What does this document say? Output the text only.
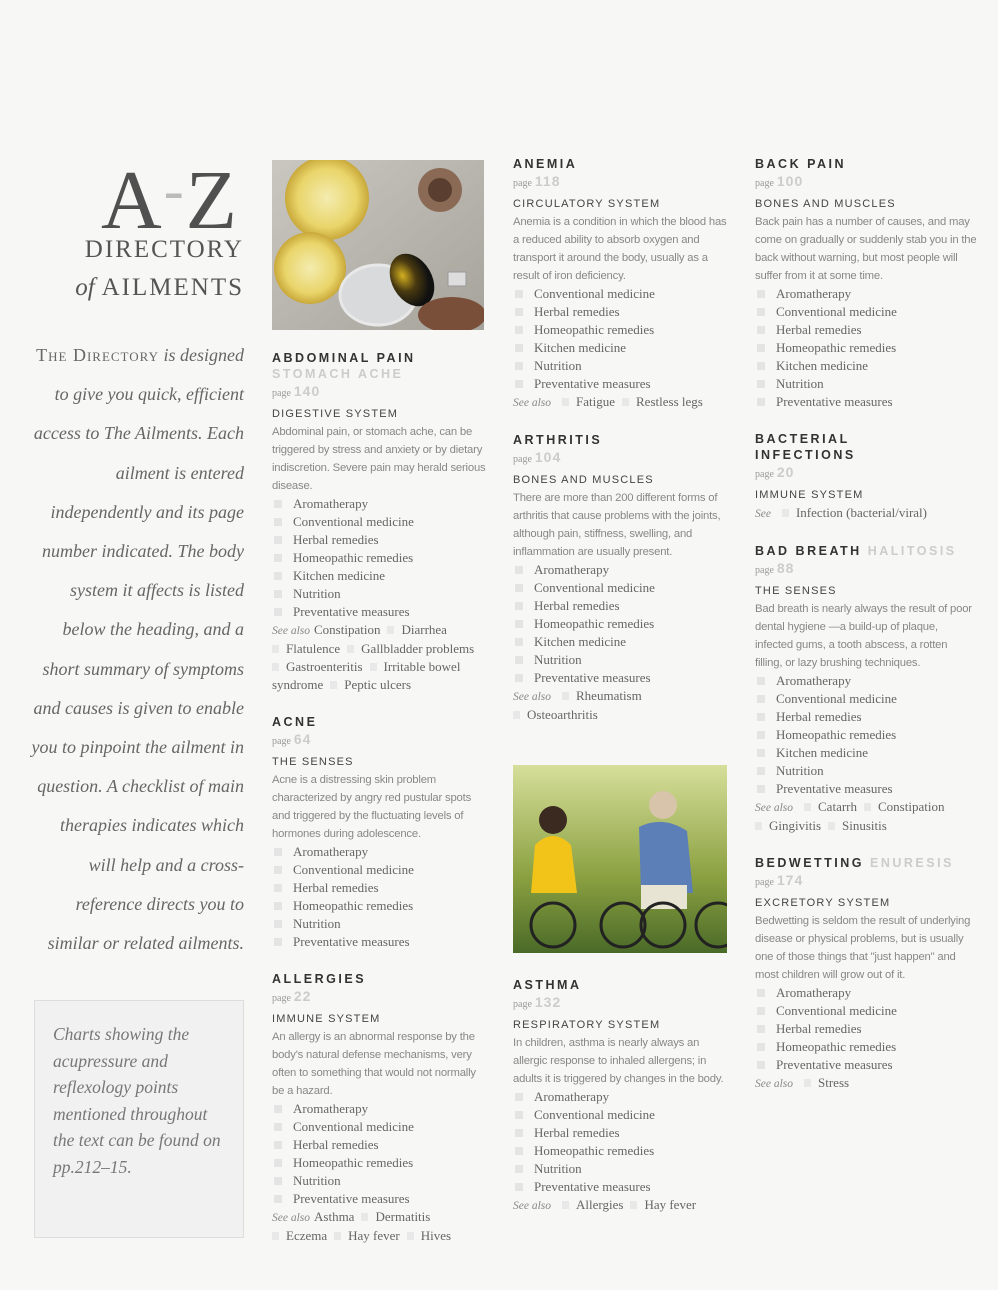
A-Z
DIRECTORY
of AILMENTS
The Directory is designed to give you quick, efficient access to The Ailments. Each ailment is entered independently and its page number indicated. The body system it affects is listed below the heading, and a short summary of symptoms and causes is given to enable you to pinpoint the ailment in question. A checklist of main therapies indicates which will help and a cross-reference directs you to similar or related ailments.

Charts showing the acupressure and reflexology points mentioned throughout the text can be found on pp.212–15.

ABDOMINAL PAIN
STOMACH ACHE
page 140
DIGESTIVE SYSTEM
Abdominal pain, or stomach ache, can be triggered by stress and anxiety or by dietary indiscretion. Severe pain may herald serious disease.
Aromatherapy
Conventional medicine
Herbal remedies
Homeopathic remedies
Kitchen medicine
Nutrition
Preventative measures
See also Constipation Diarrhea
Flatulence Gallbladder problems
Gastroenteritis Irritable bowel syndrome Peptic ulcers
ACNE
page 64
THE SENSES
Acne is a distressing skin problem characterized by angry red pustular spots and triggered by the fluctuating levels of hormones during adolescence.
Aromatherapy
Conventional medicine
Herbal remedies
Homeopathic remedies
Nutrition
Preventative measures
ALLERGIES
page 22
IMMUNE SYSTEM
An allergy is an abnormal response by the body's natural defense mechanisms, very often to something that would not normally be a hazard.
Aromatherapy
Conventional medicine
Herbal remedies
Homeopathic remedies
Nutrition
Preventative measures
See also Asthma Dermatitis
Eczema Hay fever Hives
ANEMIA
page 118
CIRCULATORY SYSTEM
Anemia is a condition in which the blood has a reduced ability to absorb oxygen and transport it around the body, usually as a result of iron deficiency.
Conventional medicine
Herbal remedies
Homeopathic remedies
Kitchen medicine
Nutrition
Preventative measures
See also Fatigue Restless legs
ARTHRITIS
page 104
BONES AND MUSCLES
There are more than 200 different forms of arthritis that cause problems with the joints, although pain, stiffness, swelling, and inflammation are usually present.
Aromatherapy
Conventional medicine
Herbal remedies
Homeopathic remedies
Kitchen medicine
Nutrition
Preventative measures
See also Rheumatism
Osteoarthritis
ASTHMA
page 132
RESPIRATORY SYSTEM
In children, asthma is nearly always an allergic response to inhaled allergens; in adults it is triggered by changes in the body.
Aromatherapy
Conventional medicine
Herbal remedies
Homeopathic remedies
Nutrition
Preventative measures
See also Allergies Hay fever
BACK PAIN
page 100
BONES AND MUSCLES
Back pain has a number of causes, and may come on gradually or suddenly stab you in the back without warning, but most people will suffer from it at some time.
Aromatherapy
Conventional medicine
Herbal remedies
Homeopathic remedies
Kitchen medicine
Nutrition
Preventative measures
BACTERIAL INFECTIONS
page 20
IMMUNE SYSTEM
See Infection (bacterial/viral)
BAD BREATH HALITOSIS
page 88
THE SENSES
Bad breath is nearly always the result of poor dental hygiene —a build-up of plaque, infected gums, a tooth abscess, a rotten filling, or lazy brushing techniques.
Aromatherapy
Conventional medicine
Herbal remedies
Homeopathic remedies
Kitchen medicine
Nutrition
Preventative measures
See also Catarrh Constipation
Gingivitis Sinusitis
BEDWETTING ENURESIS
page 174
EXCRETORY SYSTEM
Bedwetting is seldom the result of underlying disease or physical problems, but is usually one of those things that "just happen" and most children will grow out of it.
Aromatherapy
Conventional medicine
Herbal remedies
Homeopathic remedies
Preventative measures
See also Stress
